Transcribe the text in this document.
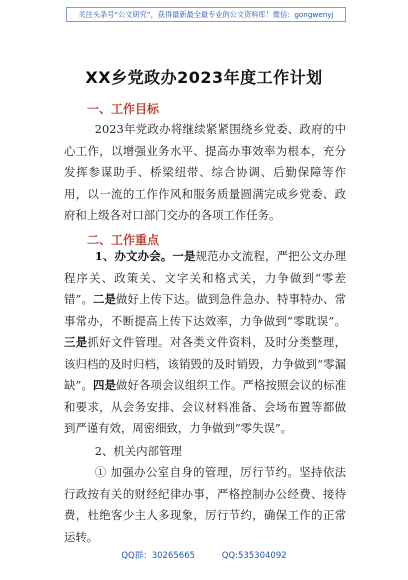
关注头条号“公文研究”，获得最新最全最专业的公文资料库！微信：gongwenyj
XX乡党政办2023年度工作计划
一、工作目标
2023年党政办将继续紧紧围绕乡党委、政府的中心工作，以增强业务水平、提高办事效率为根本，充分发挥参谋助手、桥梁纽带、综合协调、后勤保障等作用，以一流的工作作风和服务质量圆满完成乡党委、政府和上级各对口部门交办的各项工作任务。
二、工作重点
1、办文办会。一是规范办文流程，严把公文办理程序关、政策关、文字关和格式关，力争做到“零差错”。二是做好上传下达。做到急件急办、特事特办、常事常办，不断提高上传下达效率，力争做到“零耽误”。三是抓好文件管理。对各类文件资料，及时分类整理，该归档的及时归档，该销毁的及时销毁，力争做到“零漏缺”。四是做好各项会议组织工作。严格按照会议的标准和要求，从会务安排、会议材料准备、会场布置等都做到严谨有效，周密细致，力争做到“零失误”。
2、机关内部管理
① 加强办公室自身的管理，厉行节约。坚持依法行政按有关的财经纪律办事，严格控制办公经费、接待费，杜绝客少主人多现象，厉行节约，确保工作的正常运转。
QQ群：30265665	QQ:535304092
